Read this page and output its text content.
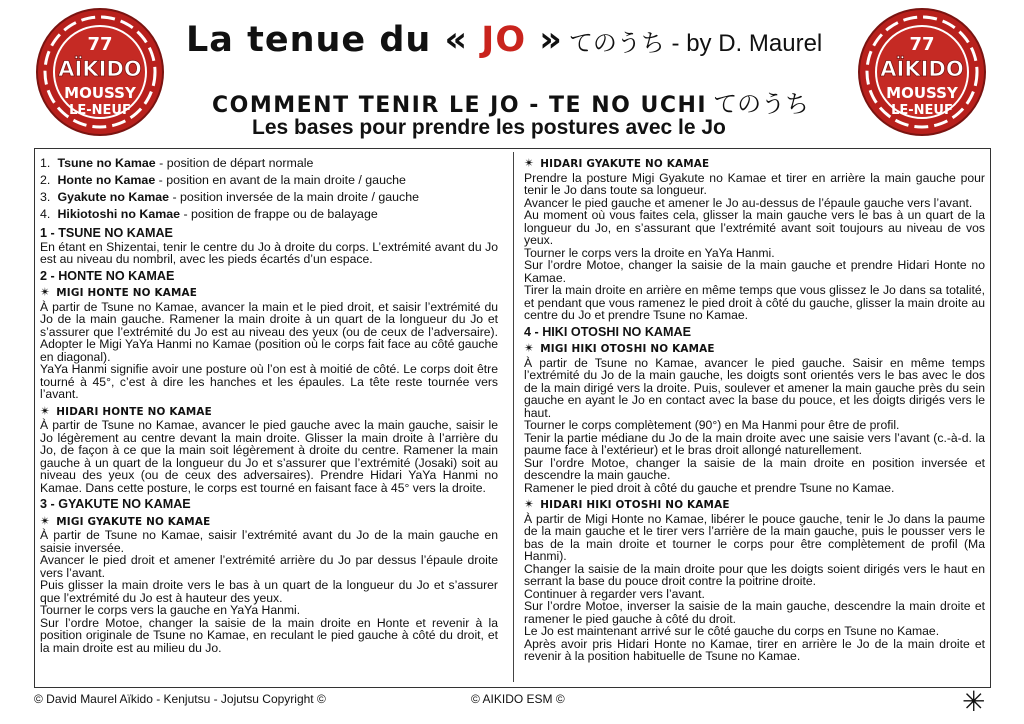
77
AÏKIDO
MOUSSY
LE-NEUF
77
AÏKIDO
MOUSSY
LE-NEUF
La tenue du « JO » てのうち - by D. Maurel
COMMENT TENIR LE JO - TE NO UCHI てのうち
Les bases pour prendre les postures avec le Jo
1. Tsune no Kamae - position de départ normale
2. Honte no Kamae - position en avant de la main droite / gauche
3. Gyakute no Kamae - position inversée de la main droite / gauche
4. Hikiotoshi no Kamae - position de frappe ou de balayage
1 - TSUNE NO KAMAE

En étant en Shizentai, tenir le centre du Jo à droite du corps. L’extrémité avant du Jo est au niveau du nombril, avec les pieds écartés d’un espace.

2 - HONTE NO KAMAE
✴ MIGI HONTE NO KAMAE

À partir de Tsune no Kamae, avancer la main et le pied droit, et saisir l’extrémité du Jo de la main gauche. Ramener la main droite à un quart de la longueur du Jo et s’assurer que l’extrémité du Jo est au niveau des yeux (ou de ceux de l’adversaire). Adopter le Migi YaYa Hanmi no Kamae (position où le corps fait face au côté gauche en diagonal).

YaYa Hanmi signifie avoir une posture où l’on est à moitié de côté. Le corps doit être tourné à 45°, c’est à dire les hanches et les épaules. La tête reste tournée vers l’avant.

✴ HIDARI HONTE NO KAMAE

À partir de Tsune no Kamae, avancer le pied gauche avec la main gauche, saisir le Jo légèrement au centre devant la main droite. Glisser la main droite à l’arrière du Jo, de façon à ce que la main soit légèrement à droite du centre. Ramener la main gauche à un quart de la longueur du Jo et s’assurer que l’extrémité (Josaki) soit au niveau des yeux (ou de ceux des adversaires). Prendre Hidari YaYa Hanmi no Kamae. Dans cette posture, le corps est tourné en faisant face à 45° vers la droite.

3 - GYAKUTE NO KAMAE
✴ MIGI GYAKUTE NO KAMAE

À partir de Tsune no Kamae, saisir l’extrémité avant du Jo de la main gauche en saisie inversée.

Avancer le pied droit et amener l’extrémité arrière du Jo par dessus l’épaule droite vers l’avant.

Puis glisser la main droite vers le bas à un quart de la longueur du Jo et s’assurer que l’extrémité du Jo est à hauteur des yeux.

Tourner le corps vers la gauche en YaYa Hanmi.

Sur l’ordre Motoe, changer la saisie de la main droite en Honte et revenir à la position originale de Tsune no Kamae, en reculant le pied gauche à côté du droit, et la main droite est au milieu du Jo.

✴ HIDARI GYAKUTE NO KAMAE

Prendre la posture Migi Gyakute no Kamae et tirer en arrière la main gauche pour tenir le Jo dans toute sa longueur.

Avancer le pied gauche et amener le Jo au-dessus de l’épaule gauche vers l’avant.

Au moment où vous faites cela, glisser la main gauche vers le bas à un quart de la longueur du Jo, en s’assurant que l’extrémité avant soit toujours au niveau de vos yeux.

Tourner le corps vers la droite en YaYa Hanmi.

Sur l’ordre Motoe, changer la saisie de la main gauche et prendre Hidari Honte no Kamae.

Tirer la main droite en arrière en même temps que vous glissez le Jo dans sa totalité, et pendant que vous ramenez le pied droit à côté du gauche, glisser la main droite au centre du Jo et prendre Tsune no Kamae.

4 - HIKI OTOSHI NO KAMAE
✴ MIGI HIKI OTOSHI NO KAMAE

À partir de Tsune no Kamae, avancer le pied gauche. Saisir en même temps l’extrémité du Jo de la main gauche, les doigts sont orientés vers le bas avec le dos de la main dirigé vers la droite. Puis, soulever et amener la main gauche près du sein gauche en ayant le Jo en contact avec la base du pouce, et les doigts dirigés vers le haut.

Tourner le corps complètement (90°) en Ma Hanmi pour être de profil.

Tenir la partie médiane du Jo de la main droite avec une saisie vers l’avant (c.-à-d. la paume face à l’extérieur) et le bras droit allongé naturellement.

Sur l’ordre Motoe, changer la saisie de la main droite en position inversée et descendre la main gauche.

Ramener le pied droit à côté du gauche et prendre Tsune no Kamae.

✴ HIDARI HIKI OTOSHI NO KAMAE

À partir de Migi Honte no Kamae, libérer le pouce gauche, tenir le Jo dans la paume de la main gauche et le tirer vers l’arrière de la main gauche, puis le pousser vers le bas de la main droite et tourner le corps pour être complètement de profil (Ma Hanmi).

Changer la saisie de la main droite pour que les doigts soient dirigés vers le haut en serrant la base du pouce droit contre la poitrine droite.

Continuer à regarder vers l’avant.

Sur l’ordre Motoe, inverser la saisie de la main gauche, descendre la main droite et ramener le pied gauche à côté du droit.

Le Jo est maintenant arrivé sur le côté gauche du corps en Tsune no Kamae.

Après avoir pris Hidari Honte no Kamae, tirer en arrière le Jo de la main droite et revenir à la position habituelle de Tsune no Kamae.

© David Maurel Aïkido - Kenjutsu - Jojutsu Copyright ©	© AIKIDO ESM ©	✳
